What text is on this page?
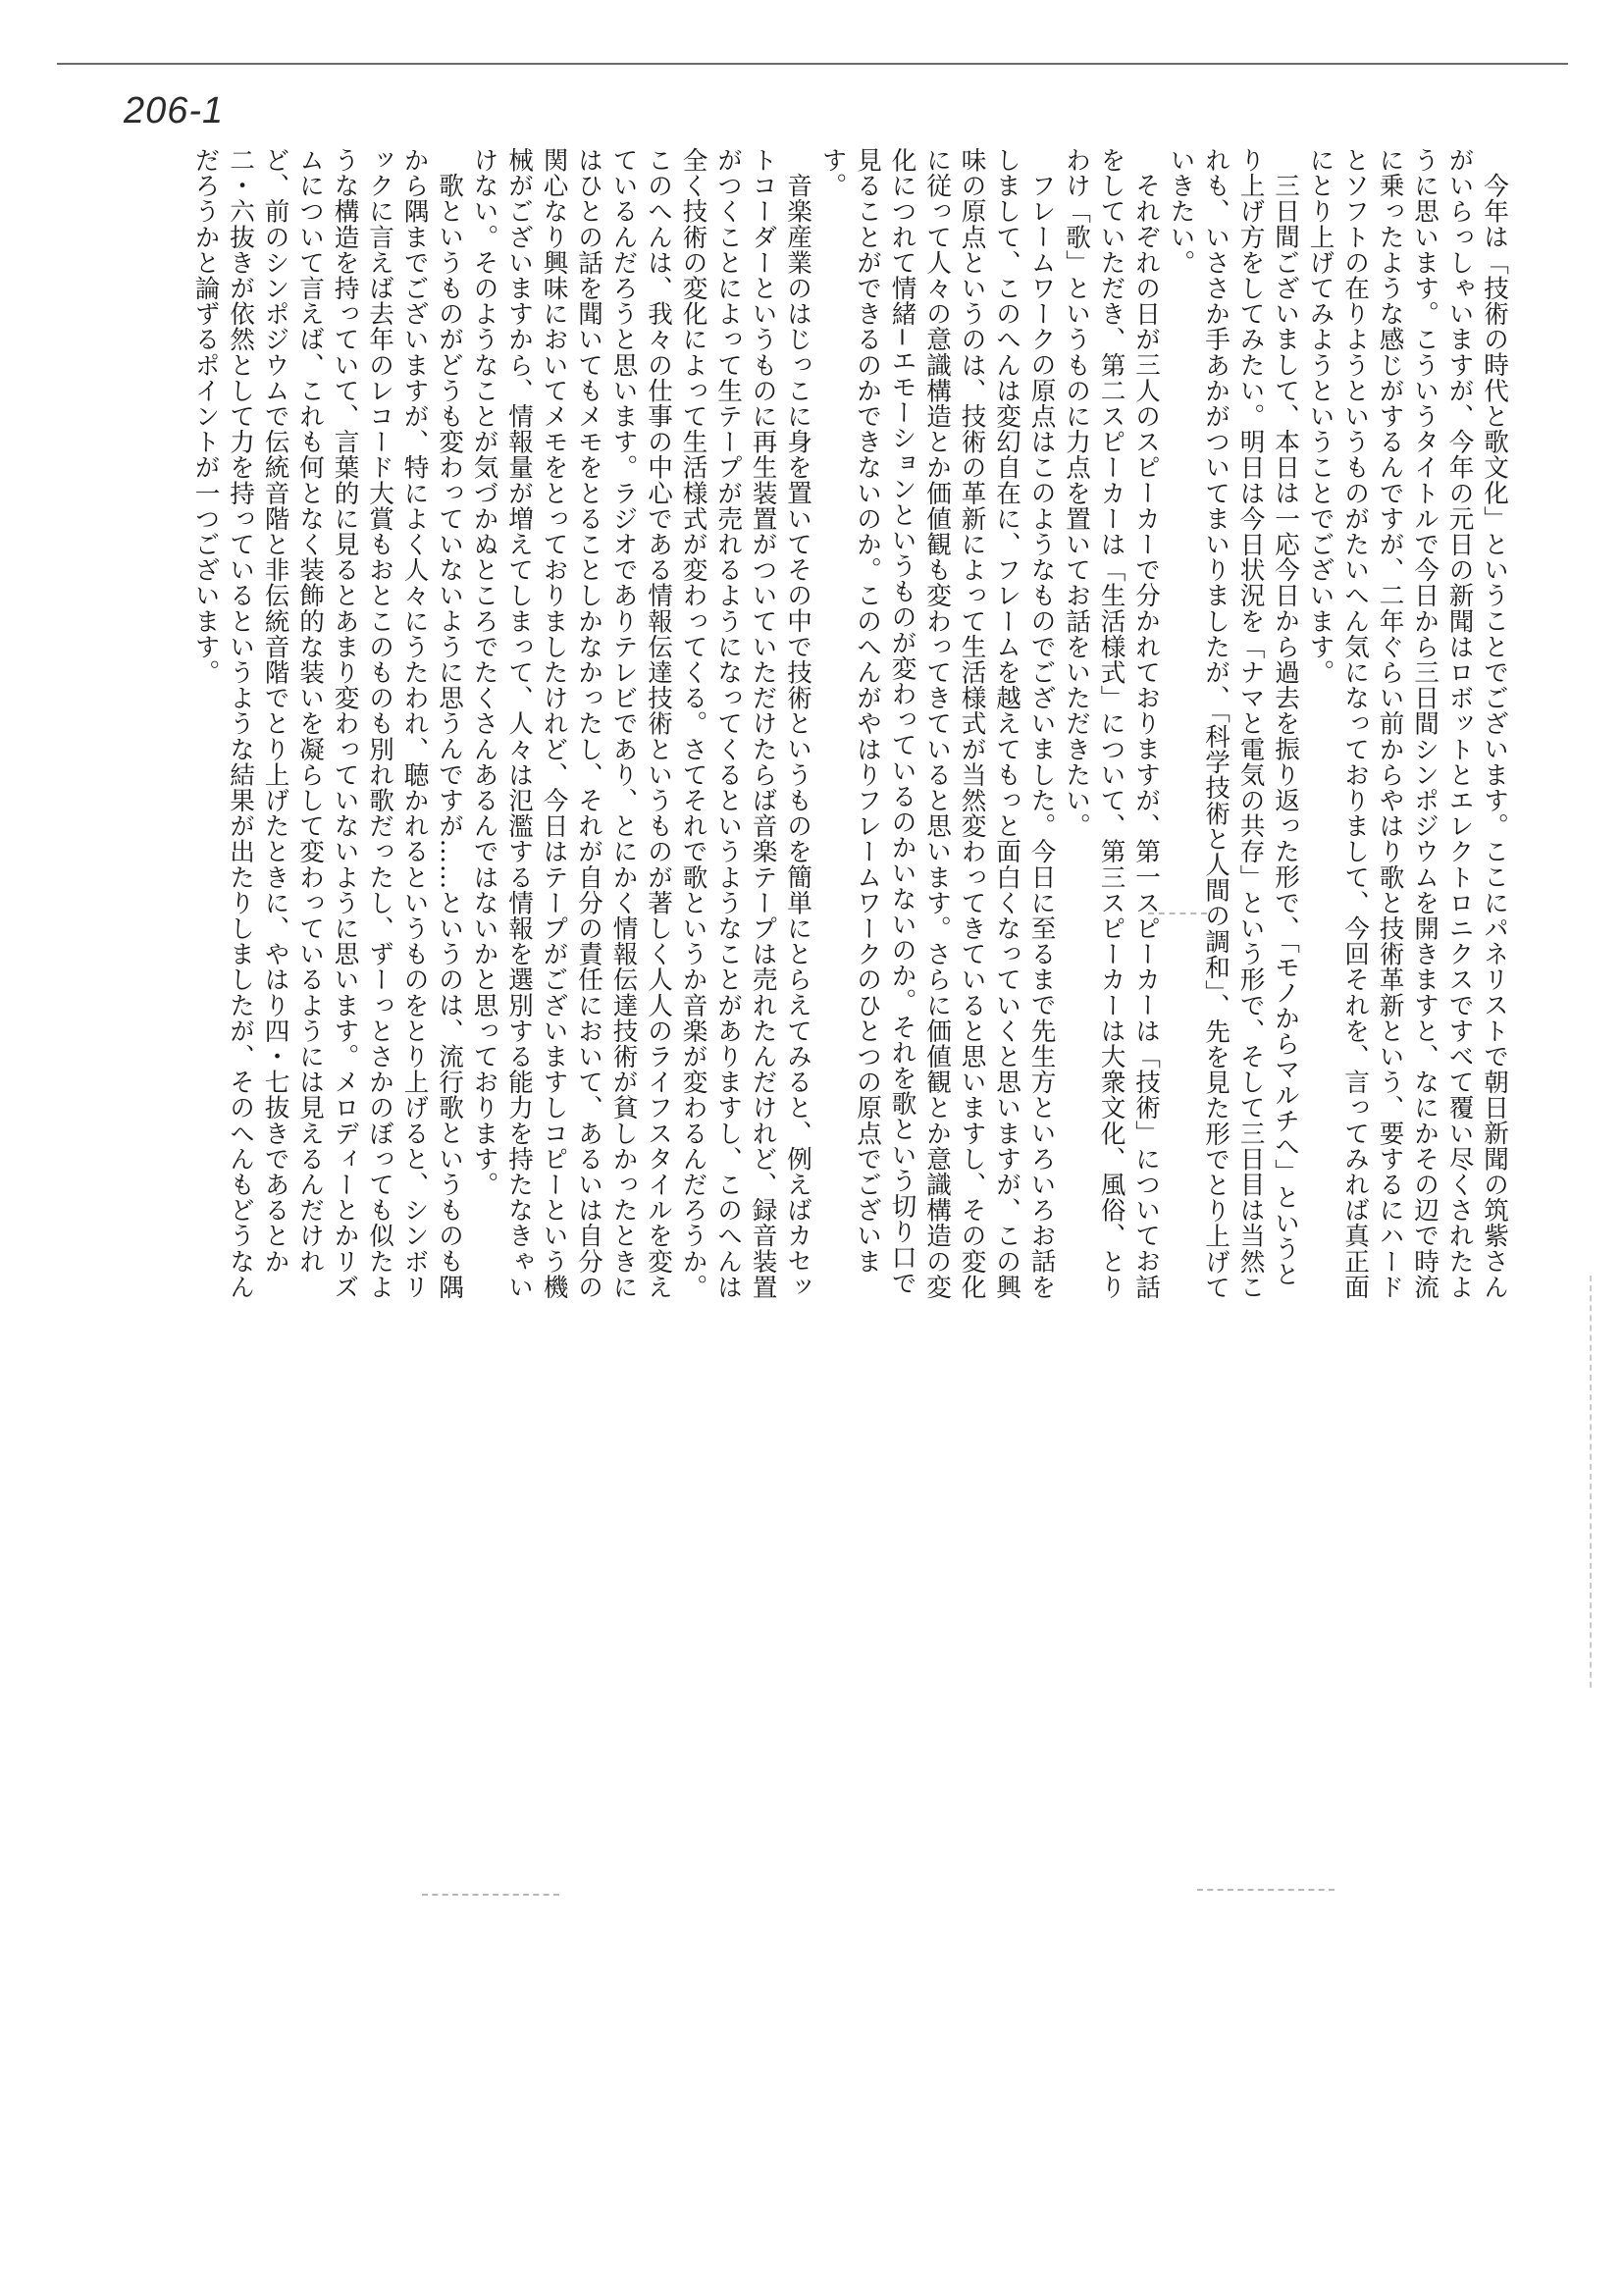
206-1

今年は「技術の時代と歌文化」ということでございます。ここにパネリストで朝日新聞の筑紫さんがいらっしゃいますが、今年の元日の新聞はロボットとエレクトロニクスですべて覆い尽くされたように思います。こういうタイトルで今日から三日間シンポジウムを開きますと、なにかその辺で時流に乗ったような感じがするんですが、二年ぐらい前からやはり歌と技術革新という、要するにハードとソフトの在りようというものがたいへん気になっておりまして、今回それを、言ってみれば真正面にとり上げてみようということでございます。

三日間ございまして、本日は一応今日から過去を振り返った形で、「モノからマルチへ」というとり上げ方をしてみたい。明日は今日状況を「ナマと電気の共存」という形で、そして三日目は当然これも、いささか手あかがついてまいりましたが、「科学技術と人間の調和」、先を見た形でとり上げていきたい。

それぞれの日が三人のスピーカーで分かれておりますが、第一スピーカーは「技術」についてお話をしていただき、第二スピーカーは「生活様式」について、第三スピーカーは大衆文化、風俗、とりわけ「歌」というものに力点を置いてお話をいただきたい。

フレームワークの原点はこのようなものでございました。今日に至るまで先生方といろいろお話をしまして、このへんは変幻自在に、フレームを越えてもっと面白くなっていくと思いますが、この興味の原点というのは、技術の革新によって生活様式が当然変わってきていると思いますし、その変化に従って人々の意識構造とか価値観も変わってきていると思います。さらに価値観とか意識構造の変化につれて情緒−エモーションというものが変わっているのかいないのか。それを歌という切り口で見ることができるのかできないのか。このへんがやはりフレームワークのひとつの原点でございます。

音楽産業のはじっこに身を置いてその中で技術というものを簡単にとらえてみると、例えばカセットコーダーというものに再生装置がついていただけたらば音楽テープは売れたんだけれど、録音装置がつくことによって生テープが売れるようになってくるというようなことがありますし、このへんは全く技術の変化によって生活様式が変わってくる。さてそれで歌というか音楽が変わるんだろうか。このへんは、我々の仕事の中心である情報伝達技術というものが著しく人人のライフスタイルを変えているんだろうと思います。ラジオでありテレビであり、とにかく情報伝達技術が貧しかったときにはひとの話を聞いてもメモをとることしかなかったし、それが自分の責任において、あるいは自分の関心なり興味においてメモをとっておりましたけれど、今日はテープがございますしコピーという機械がございますから、情報量が増えてしまって、人々は氾濫する情報を選別する能力を持たなきゃいけない。そのようなことが気づかぬところでたくさんあるんではないかと思っております。

歌というものがどうも変わっていないように思うんですが……というのは、流行歌というものも隅から隅までございますが、特によく人々にうたわれ、聴かれるというものをとり上げると、シンボリックに言えば去年のレコード大賞もおとこのものも別れ歌だったし、ずーっとさかのぼっても似たような構造を持っていて、言葉的に見るとあまり変わっていないように思います。メロディーとかリズムについて言えば、これも何となく装飾的な装いを凝らして変わっているようには見えるんだけれど、前のシンポジウムで伝統音階と非伝統音階でとり上げたときに、やはり四・七抜きであるとか二・六抜きが依然として力を持っているというような結果が出たりしましたが、そのへんもどうなんだろうかと論ずるポイントが一つございます。
